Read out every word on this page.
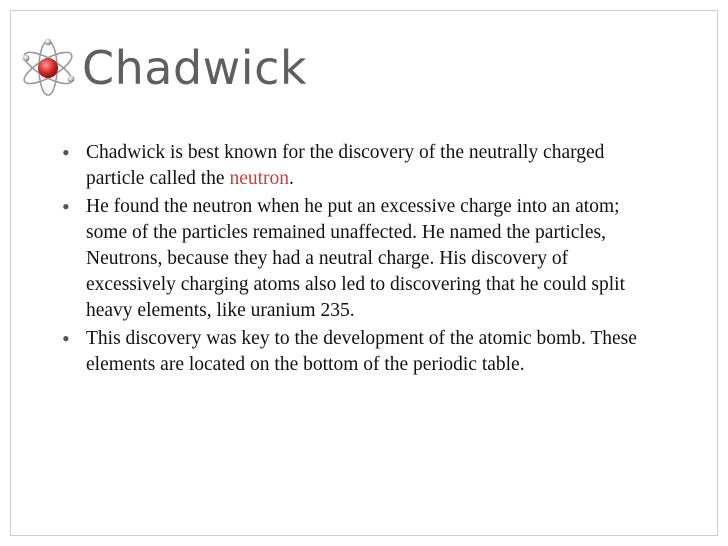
Chadwick
• Chadwick is best known for the discovery of the neutrally charged particle called the neutron.
• He found the neutron when he put an excessive charge into an atom; some of the particles remained unaffected. He named the particles, Neutrons, because they had a neutral charge. His discovery of excessively charging atoms also led to discovering that he could split heavy elements, like uranium 235.
• This discovery was key to the development of the atomic bomb. These elements are located on the bottom of the periodic table.
